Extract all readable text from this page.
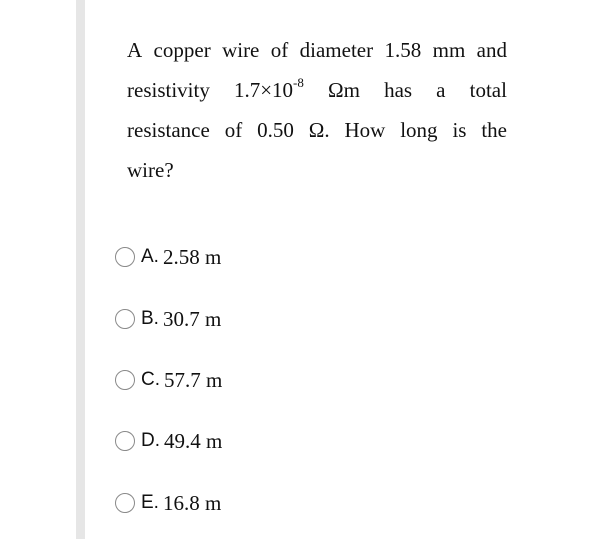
A copper wire of diameter 1.58 mm and
resistivity $1.7\times 10^{-8}$ Ωm has a total
resistance of 0.50 Ω. How long is the
wire?
A. 2.58 m
B. 30.7 m
C. 57.7 m
D. 49.4 m
E. 16.8 m
